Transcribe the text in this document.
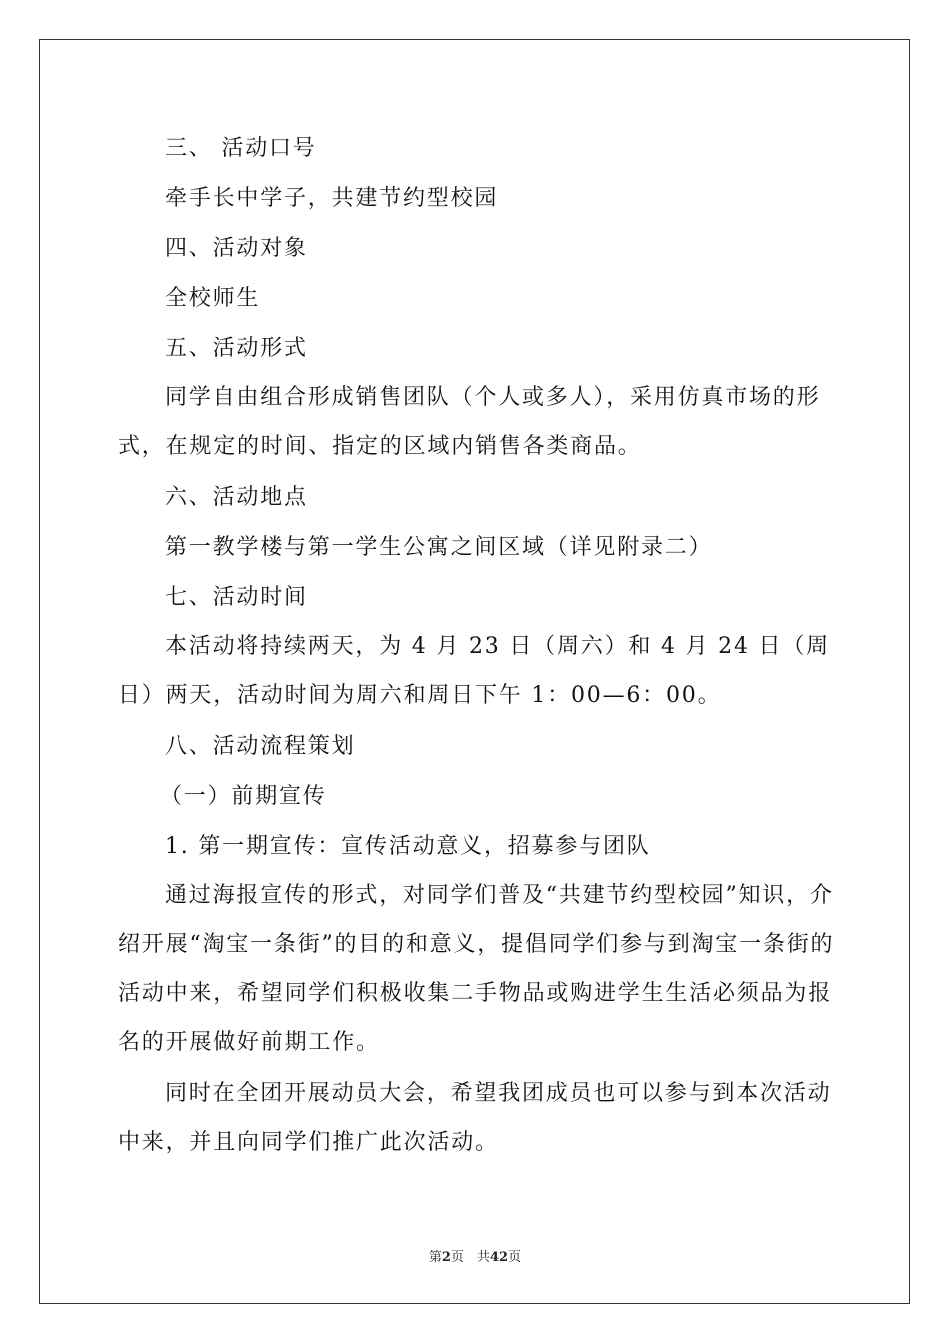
三、 活动口号

牵手长中学子，共建节约型校园

四、活动对象

全校师生

五、活动形式

同学自由组合形成销售团队（个人或多人），采用仿真市场的形式，在规定的时间、指定的区域内销售各类商品。

六、活动地点

第一教学楼与第一学生公寓之间区域（详见附录二）

七、活动时间

本活动将持续两天，为 4 月 23 日（周六）和 4 月 24 日（周日）两天，活动时间为周六和周日下午 1：00—6：00。

八、活动流程策划

（一）前期宣传

1. 第一期宣传：宣传活动意义，招募参与团队

通过海报宣传的形式，对同学们普及“共建节约型校园”知识，介绍开展“淘宝一条街”的目的和意义，提倡同学们参与到淘宝一条街的活动中来，希望同学们积极收集二手物品或购进学生生活必须品为报名的开展做好前期工作。

同时在全团开展动员大会，希望我团成员也可以参与到本次活动中来，并且向同学们推广此次活动。

第2页　共42页
